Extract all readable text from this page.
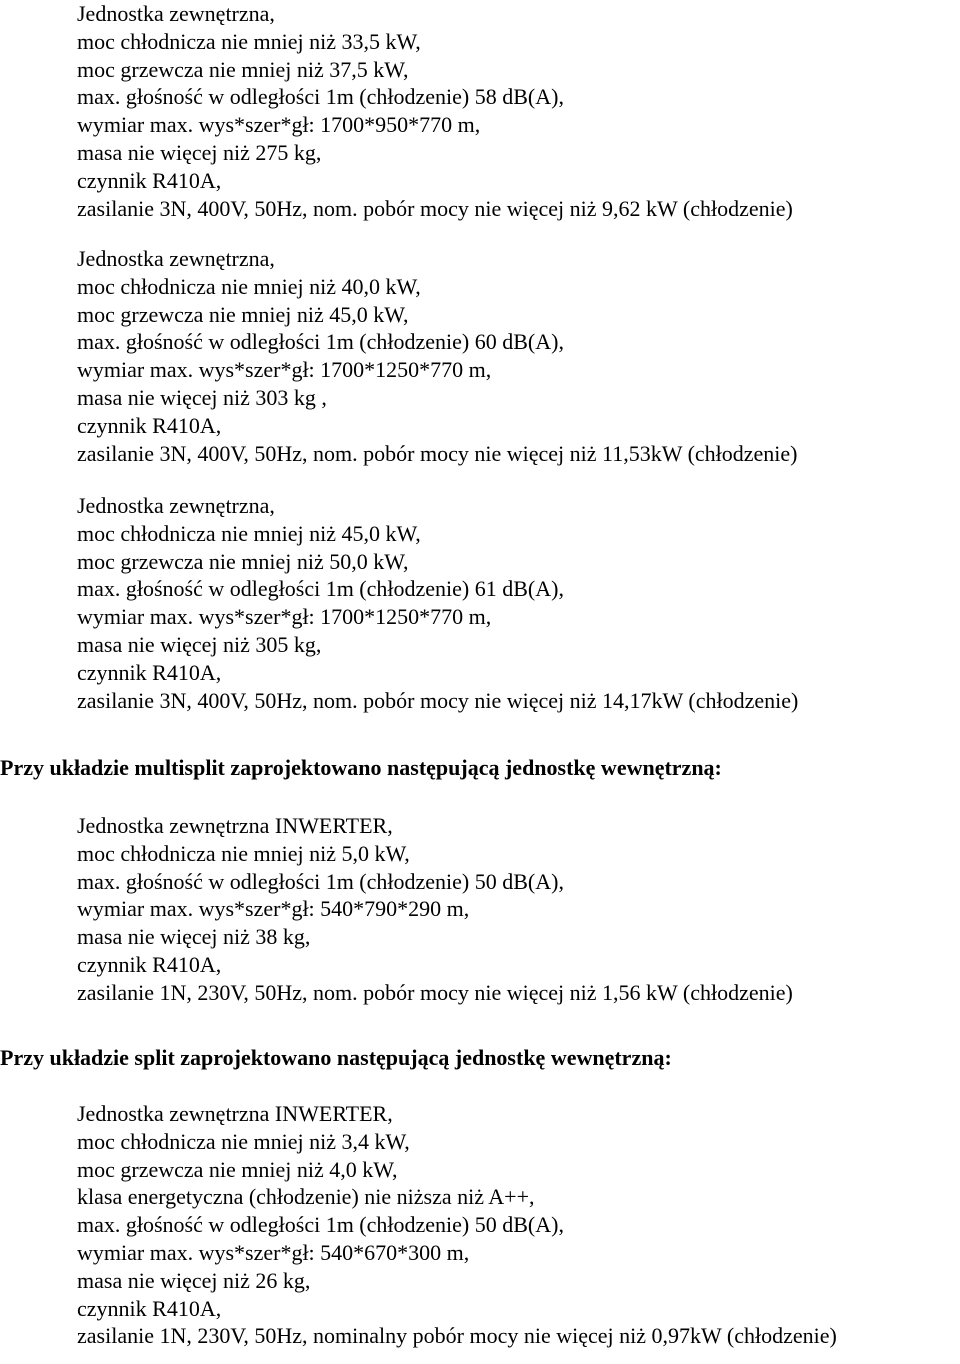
Jednostka zewnętrzna,
moc chłodnicza nie mniej niż 33,5 kW,
moc grzewcza nie mniej niż 37,5 kW,
max. głośność w odległości 1m (chłodzenie) 58 dB(A),
wymiar max. wys*szer*gł: 1700*950*770 m,
masa nie więcej niż 275 kg,
czynnik R410A,
zasilanie 3N, 400V, 50Hz, nom. pobór mocy nie więcej niż 9,62 kW (chłodzenie)
Jednostka zewnętrzna,
moc chłodnicza nie mniej niż 40,0 kW,
moc grzewcza nie mniej niż 45,0 kW,
max. głośność w odległości 1m (chłodzenie) 60 dB(A),
wymiar max. wys*szer*gł: 1700*1250*770 m,
masa nie więcej niż 303 kg ,
czynnik R410A,
zasilanie 3N, 400V, 50Hz, nom. pobór mocy nie więcej niż 11,53kW (chłodzenie)
Jednostka zewnętrzna,
moc chłodnicza nie mniej niż 45,0 kW,
moc grzewcza nie mniej niż 50,0 kW,
max. głośność w odległości 1m (chłodzenie) 61 dB(A),
wymiar max. wys*szer*gł: 1700*1250*770 m,
masa nie więcej niż 305 kg,
czynnik R410A,
zasilanie 3N, 400V, 50Hz, nom. pobór mocy nie więcej niż 14,17kW (chłodzenie)
Przy układzie multisplit zaprojektowano następującą jednostkę wewnętrzną:
Jednostka zewnętrzna INWERTER,
moc chłodnicza nie mniej niż 5,0 kW,
max. głośność w odległości 1m (chłodzenie) 50 dB(A),
wymiar max. wys*szer*gł: 540*790*290 m,
masa nie więcej niż 38 kg,
czynnik R410A,
zasilanie 1N, 230V, 50Hz, nom. pobór mocy nie więcej niż 1,56 kW (chłodzenie)
Przy układzie split zaprojektowano następującą jednostkę wewnętrzną:
Jednostka zewnętrzna INWERTER,
moc chłodnicza nie mniej niż 3,4 kW,
moc grzewcza nie mniej niż 4,0 kW,
klasa energetyczna (chłodzenie) nie niższa niż A++,
max. głośność w odległości 1m (chłodzenie) 50 dB(A),
wymiar max. wys*szer*gł: 540*670*300 m,
masa nie więcej niż 26 kg,
czynnik R410A,
zasilanie 1N, 230V, 50Hz, nominalny pobór mocy nie więcej niż 0,97kW (chłodzenie)
